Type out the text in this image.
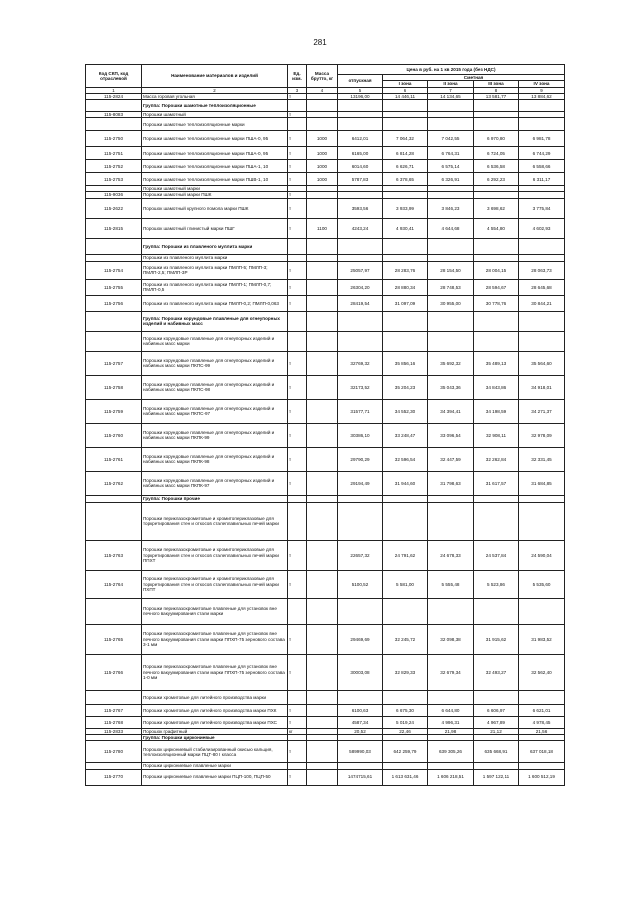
281
Код СКП, код отраслевой	Наименование материалов и изделий	Ед. изм.	Масса брутто, кг	Цена в руб. на 1 кв 2015 года (без НДС)				
				отпускная	Сметная			
					I зона	II зона	III зона	IV зона
1	2	3	4	5	6	7	8	9
115-2824	Масса горовая угольная	т		13196,00	14 446,11	14 134,65	13 581,77	13 884,62
	Группа: Порошки шамотные теплоизоляционные							
115-8083	Порошки шамотный	т						
	Порошки шамотные теплоизоляционные марки							
115-2750	Порошки шамотные теплоизоляционные марки ПША-0, 95	т	1000	6412,01	7 064,32	7 042,55	6 970,80	6 981,78
115-2751	Порошки шамотные теплоизоляционные марки ПША-0, 95	т	1000	6165,00	6 814,28	6 764,31	6 724,05	6 744,29
115-2752	Порошки шамотные теплоизоляционные марки ПША-1, 10	т	1000	6014,60	6 626,71	6 575,14	6 536,58	6 558,66
115-2753	Порошки шамотные теплоизоляционные марки ПШВ-1, 10	т	1000	5787,83	6 378,65	6 326,91	6 292,23	6 311,17
	Порошки шамотный марки							
115-9036	Порошки шамотный марки ПШК	т						
115-2622	Порошок шамотный крупного помола марки ПШК	т		3593,56	3 933,99	3 846,23	3 698,62	3 775,84
115-2815	Порошок шамотный глинистый марки ПШГ	т	1100	4243,24	4 930,41	4 644,68	4 554,80	4 602,93
	Группа: Порошки из плавленого муллита марки							
	Порошки из плавленого муллита марки							
115-2754	Порошки из плавленого муллита марки ПМЛП-5; ПМЛП-3; ПМЛП-2,5; ПМЛП-3Р	т		25057,97	28 283,76	28 154,50	28 004,15	28 063,73
115-2755	Порошки из плавленого муллита марки ПМЛП-1; ПМЛП-0,7; ПМЛП-0,5	т		26304,20	28 880,34	28 748,53	28 594,67	28 645,68
115-2756	Порошки из плавленого муллита марки ПМЛП-0,2; ПМЛП-0,063	т		28419,54	31 097,09	30 955,00	30 778,76	30 844,21
	Группа: Порошки корундовые плавленые для огнеупорных изделий и набивных масс							
	Порошки корундовые плавленые для огнеупорных изделий и набивных масс марки							
115-2757	Порошки корундовые плавленые для огнеупорных изделий и набивных масс марки ПКПС-99	т		32769,32	35 856,16	35 692,32	35 489,13	35 564,60
115-2758	Порошки корундовые плавленые для огнеупорных изделий и набивных масс марки ПКПС-98	т		32173,52	35 204,23	35 043,36	34 843,86	34 918,01
115-2759	Порошки корундовые плавленые для огнеупорных изделий и набивных масс марки ПКПС-97	т		31577,71	34 552,30	34 394,41	34 198,59	34 271,37
115-2760	Порошки корундовые плавленые для огнеупорных изделий и набивных масс марки ПКПК-99	т		30386,10	33 248,47	33 096,54	32 908,11	32 978,09
115-2761	Порошки корундовые плавленые для огнеупорных изделий и набивных масс марки ПКПК-98	т		29790,29	32 596,54	32 447,59	32 262,84	32 331,45
115-2762	Порошки корундовые плавленые для огнеупорных изделий и набивных масс марки ПКПК-97	т		29194,49	31 944,60	31 798,63	31 617,57	31 684,85
	Группа: Порошки прочие							
	Порошки периклазохромитовые и хромитопериклазовые для торкретирования стен и откосов сталеплавильных печей марки							
115-2763	Порошки периклазохромитовые и хромитопериклазовые для торкретирования стен и откосов сталеплавильных печей марки ППХТ	т		22657,32	24 791,62	24 678,33	24 537,84	24 590,04
115-2764	Порошки периклазохромитовые и хромитопериклазовые для торкретирования стен и откосов сталеплавильных печей марки ПХПТ	т		5100,52	5 581,00	5 555,48	5 523,86	5 535,60
	Порошки периклазохромитовые плавленые для установок вне печного вакуумирования стали марки							
115-2765	Порошки периклазохромитовые плавленые для установок вне печного вакуумирования стали марки ППХП-75 зернового состава 3-1 мм	т		29469,69	32 245,72	32 098,38	31 915,62	31 983,52
115-2766	Порошки периклазохромитовые плавленые для установок вне печного вакуумирования стали марки ППХП-75 зернового состава 1-0 мм	т		30003,08	32 829,33	32 679,34	32 493,27	32 562,40
	Порошки хромитовые для литейного производства марки							
115-2767	Порошки хромитовые для литейного производства марки ПХК	т		6100,63	6 675,30	6 644,80	6 606,97	6 621,01
115-2768	Порошки хромитовые для литейного производства марки ПХС	т		4587,34	5 019,24	4 996,31	4 967,89	4 978,45
115-2833	Порошок графитный	кг		20,52	22,46	21,98	21,12	21,56
	Группа: Порошки циркониевые							
115-2780	Порошок циркониевый стабилизированный окисью кальция, теплоизоляционный марки ПЦТ-80 I класса	т		589990,03	642 259,79	639 305,26	635 668,91	637 018,18
	Порошки циркониевые плавленые марки							
115-2770	Порошки циркониевые плавленые марки ПЦП-100, ПЦП-50	т		1474715,61	1 613 631,46	1 606 218,51	1 597 122,11	1 600 512,19
